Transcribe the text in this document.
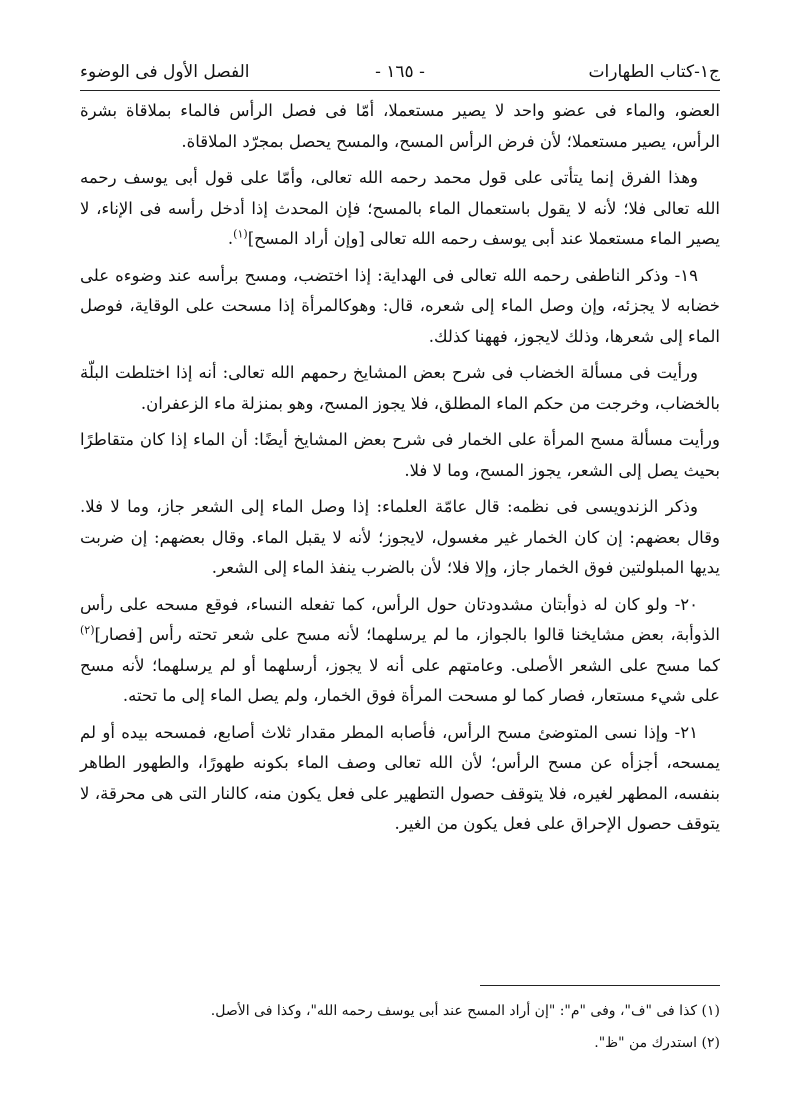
ج١-كتاب الطهارات
- ١٦٥ -
الفصل الأول فى الوضوء

العضو، والماء فى عضو واحد لا يصير مستعملا، أمّا فى فصل الرأس فالماء بملاقاة بشرة الرأس، يصير مستعملا؛ لأن فرض الرأس المسح، والمسح يحصل بمجرّد الملاقاة.

وهذا الفرق إنما يتأتى على قول محمد رحمه الله تعالى، وأمّا على قول أبى يوسف رحمه الله تعالى فلا؛ لأنه لا يقول باستعمال الماء بالمسح؛ فإن المحدث إذا أدخل رأسه فى الإناء، لا يصير الماء مستعملا عند أبى يوسف رحمه الله تعالى [وإن أراد المسح]$^{(١)}$.

١٩- وذكر الناطفى رحمه الله تعالى فى الهداية: إذا اختضب، ومسح برأسه عند وضوءه على خضابه لا يجزئه، وإن وصل الماء إلى شعره، قال: وهوكالمرأة إذا مسحت على الوقاية، فوصل الماء إلى شعرها، وذلك لايجوز، فههنا كذلك.

ورأيت فى مسألة الخضاب فى شرح بعض المشايخ رحمهم الله تعالى: أنه إذا اختلطت البلّة بالخضاب، وخرجت من حكم الماء المطلق، فلا يجوز المسح، وهو بمنزلة ماء الزعفران.

ورأيت مسألة مسح المرأة على الخمار فى شرح بعض المشايخ أيضًا: أن الماء إذا كان متقاطرًا بحيث يصل إلى الشعر، يجوز المسح، وما لا فلا.

وذكر الزندويسى فى نظمه: قال عامّة العلماء: إذا وصل الماء إلى الشعر جاز، وما لا فلا. وقال بعضهم: إن كان الخمار غير مغسول، لايجوز؛ لأنه لا يقبل الماء. وقال بعضهم: إن ضربت يديها المبلولتين فوق الخمار جاز، وإلا فلا؛ لأن بالضرب ينفذ الماء إلى الشعر.

٢٠- ولو كان له ذوأبتان مشدودتان حول الرأس، كما تفعله النساء، فوقع مسحه على رأس الذوأبة، بعض مشايخنا قالوا بالجواز، ما لم يرسلهما؛ لأنه مسح على شعر تحته رأس [فصار]$^{(٢)}$ كما مسح على الشعر الأصلى. وعامتهم على أنه لا يجوز، أرسلهما أو لم يرسلهما؛ لأنه مسح على شيء مستعار، فصار كما لو مسحت المرأة فوق الخمار، ولم يصل الماء إلى ما تحته.

٢١- وإذا نسى المتوضئ مسح الرأس، فأصابه المطر مقدار ثلاث أصابع، فمسحه بيده أو لم يمسحه، أجزأه عن مسح الرأس؛ لأن الله تعالى وصف الماء بكونه طهورًا، والطهور الطاهر بنفسه، المطهر لغيره، فلا يتوقف حصول التطهير على فعل يكون منه، كالنار التى هى محرقة، لا يتوقف حصول الإحراق على فعل يكون من الغير.

(١) كذا فى "ف"، وفى "م": "إن أراد المسح عند أبى يوسف رحمه الله"، وكذا فى الأصل.
(٢) استدرك من "ظ".
